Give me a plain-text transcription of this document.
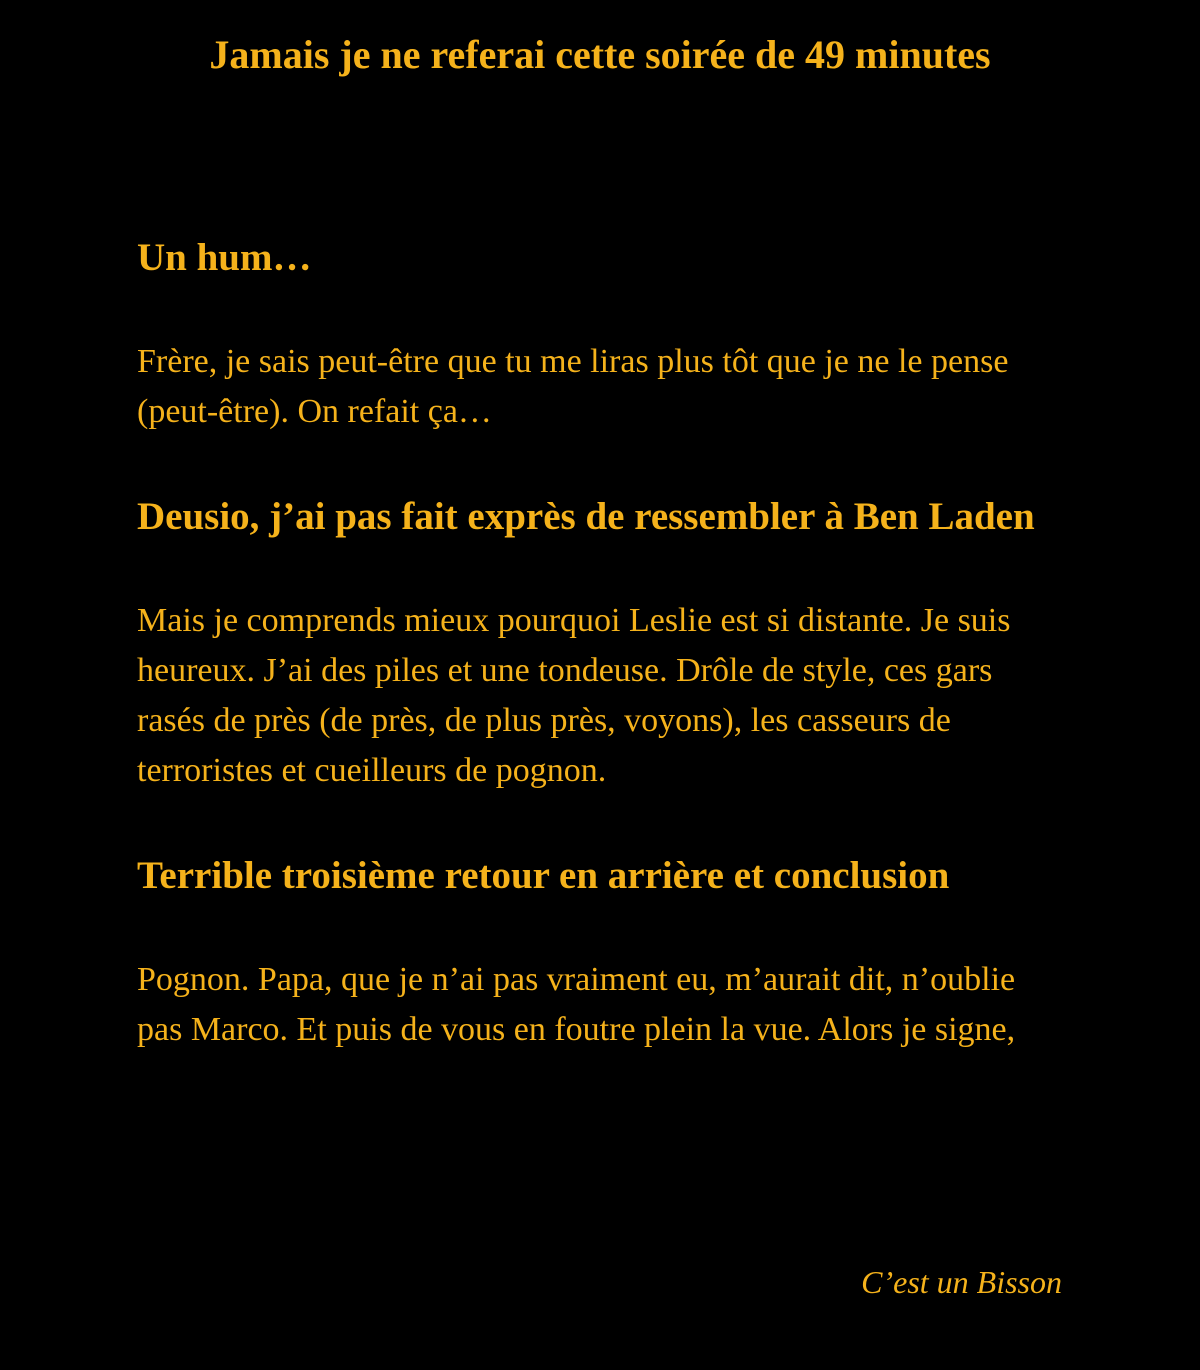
Jamais je ne referai cette soirée de 49 minutes
Un hum…

Frère, je sais peut-être que tu me liras plus tôt que je ne le pense (peut-être). On refait ça…

Deusio, j’ai pas fait exprès de ressembler à Ben Laden

Mais je comprends mieux pourquoi Leslie est si distante. Je suis heureux. J’ai des piles et une tondeuse. Drôle de style, ces gars rasés de près (de près, de plus près, voyons), les casseurs de terroristes et cueilleurs de pognon.

Terrible troisième retour en arrière et conclusion

Pognon. Papa, que je n’ai pas vraiment eu, m’aurait dit, n’oublie pas Marco. Et puis de vous en foutre plein la vue. Alors je signe,

C’est un Bisson
